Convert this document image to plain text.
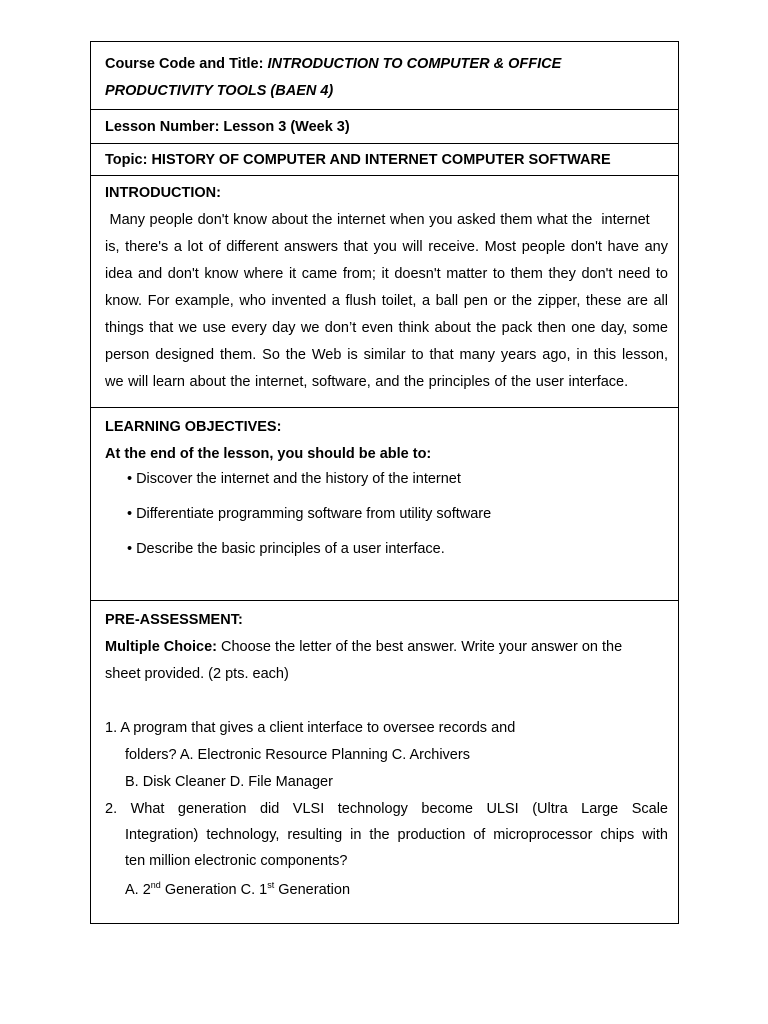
Course Code and Title: INTRODUCTION TO COMPUTER & OFFICE
PRODUCTIVITY TOOLS (BAEN 4)
Lesson Number: Lesson 3 (Week 3)
Topic: HISTORY OF COMPUTER AND INTERNET COMPUTER SOFTWARE
INTRODUCTION:
Many people don't know about the internet when you asked them what the  internet
is, there's a lot of different answers that you will receive. Most people don't have any
idea and don't know where it came from; it doesn't matter to them they don't need to
know. For example, who invented a flush toilet, a ball pen or the zipper, these are all
things that we use every day we don’t even think about the pack then one day, some
person designed them. So the Web is similar to that many years ago, in this lesson,
we will learn about the internet, software, and the principles of the user interface.
LEARNING OBJECTIVES:
At the end of the lesson, you should be able to:
• Discover the internet and the history of the internet
• Differentiate programming software from utility software
• Describe the basic principles of a user interface.
PRE-ASSESSMENT:
Multiple Choice: Choose the letter of the best answer. Write your answer on the
sheet provided. (2 pts. each)
1. A program that gives a client interface to oversee records and
folders? A. Electronic Resource Planning C. Archivers
B. Disk Cleaner D. File Manager
2. What generation did VLSI technology become ULSI (Ultra Large Scale
Integration) technology, resulting in the production of microprocessor chips with
ten million electronic components?
A. 2nd Generation C. 1st Generation
